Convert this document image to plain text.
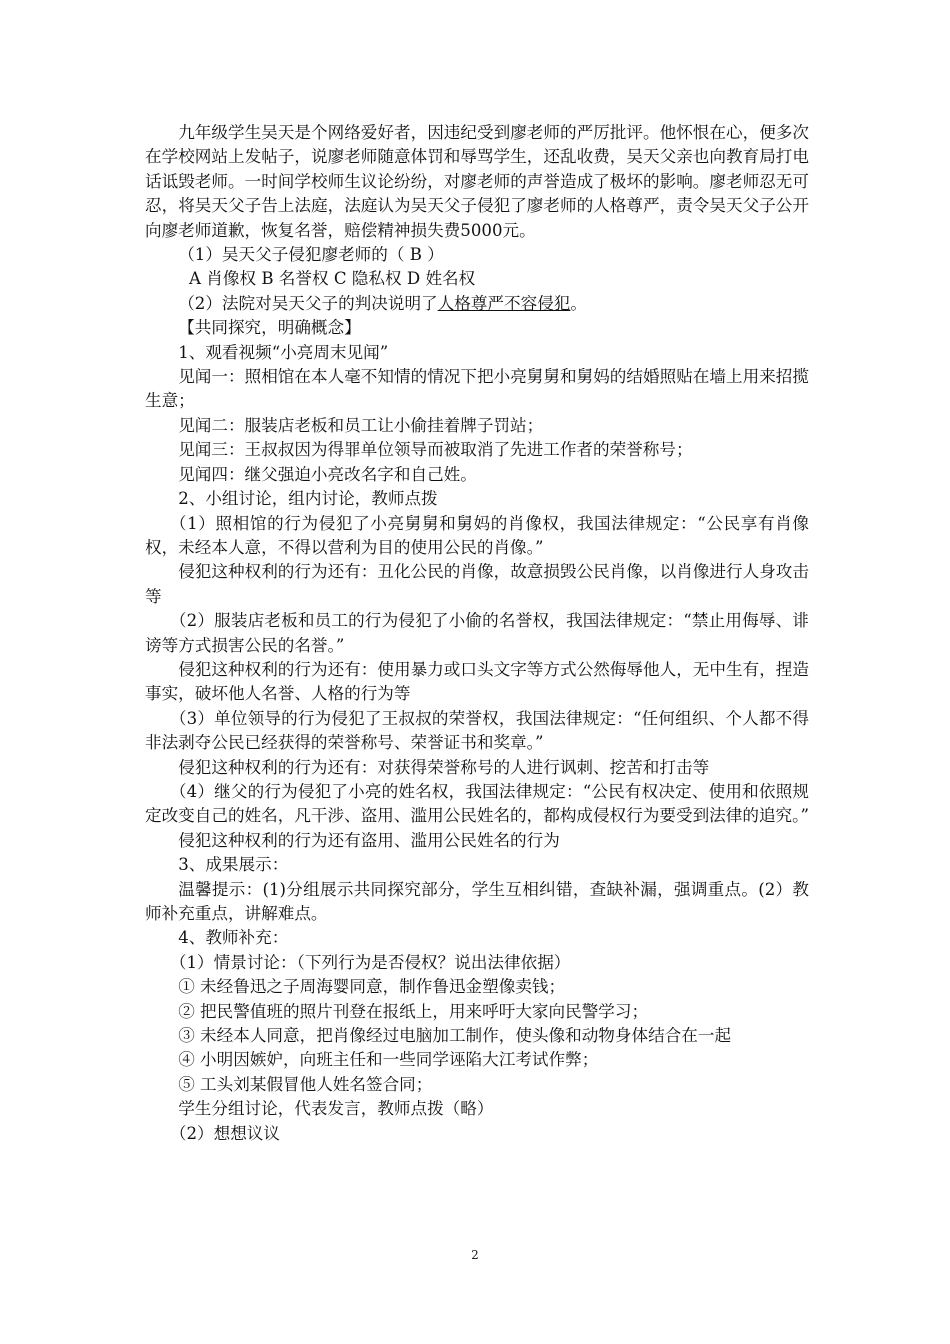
九年级学生吴天是个网络爱好者，因违纪受到廖老师的严厉批评。他怀恨在心，便多次在学校网站上发帖子，说廖老师随意体罚和辱骂学生，还乱收费，吴天父亲也向教育局打电话诋毁老师。一时间学校师生议论纷纷，对廖老师的声誉造成了极坏的影响。廖老师忍无可忍，将吴天父子告上法庭，法庭认为吴天父子侵犯了廖老师的人格尊严，责令吴天父子公开向廖老师道歉，恢复名誉，赔偿精神损失费5000元。

（1）吴天父子侵犯廖老师的（ B ）

A 肖像权 B 名誉权 C 隐私权 D 姓名权

（2）法院对吴天父子的判决说明了人格尊严不容侵犯。

【共同探究，明确概念】

1、观看视频“小亮周末见闻”

见闻一：照相馆在本人毫不知情的情况下把小亮舅舅和舅妈的结婚照贴在墙上用来招揽生意；

见闻二：服装店老板和员工让小偷挂着牌子罚站；

见闻三：王叔叔因为得罪单位领导而被取消了先进工作者的荣誉称号；

见闻四：继父强迫小亮改名字和自己姓。

2、小组讨论，组内讨论，教师点拨

（1）照相馆的行为侵犯了小亮舅舅和舅妈的肖像权，我国法律规定：“公民享有肖像权，未经本人意，不得以营利为目的使用公民的肖像。”

侵犯这种权利的行为还有：丑化公民的肖像，故意损毁公民肖像，以肖像进行人身攻击等

（2）服装店老板和员工的行为侵犯了小偷的名誉权，我国法律规定：“禁止用侮辱、诽谤等方式损害公民的名誉。”

侵犯这种权利的行为还有：使用暴力或口头文字等方式公然侮辱他人，无中生有，捏造事实，破坏他人名誉、人格的行为等

（3）单位领导的行为侵犯了王叔叔的荣誉权，我国法律规定：“任何组织、个人都不得非法剥夺公民已经获得的荣誉称号、荣誉证书和奖章。”

侵犯这种权利的行为还有：对获得荣誉称号的人进行讽刺、挖苦和打击等

（4）继父的行为侵犯了小亮的姓名权，我国法律规定：“公民有权决定、使用和依照规定改变自己的姓名，凡干涉、盗用、滥用公民姓名的，都构成侵权行为要受到法律的追究。”

侵犯这种权利的行为还有盗用、滥用公民姓名的行为

3、成果展示：

温馨提示：(1)分组展示共同探究部分，学生互相纠错，查缺补漏，强调重点。(2）教师补充重点，讲解难点。

4、教师补充：

（1）情景讨论：（下列行为是否侵权？说出法律依据）

① 未经鲁迅之子周海婴同意，制作鲁迅金塑像卖钱；

② 把民警值班的照片刊登在报纸上，用来呼吁大家向民警学习；

③ 未经本人同意，把肖像经过电脑加工制作，使头像和动物身体结合在一起

④ 小明因嫉妒，向班主任和一些同学诬陷大江考试作弊；

⑤ 工头刘某假冒他人姓名签合同；

学生分组讨论，代表发言，教师点拨（略）

（2）想想议议

2
